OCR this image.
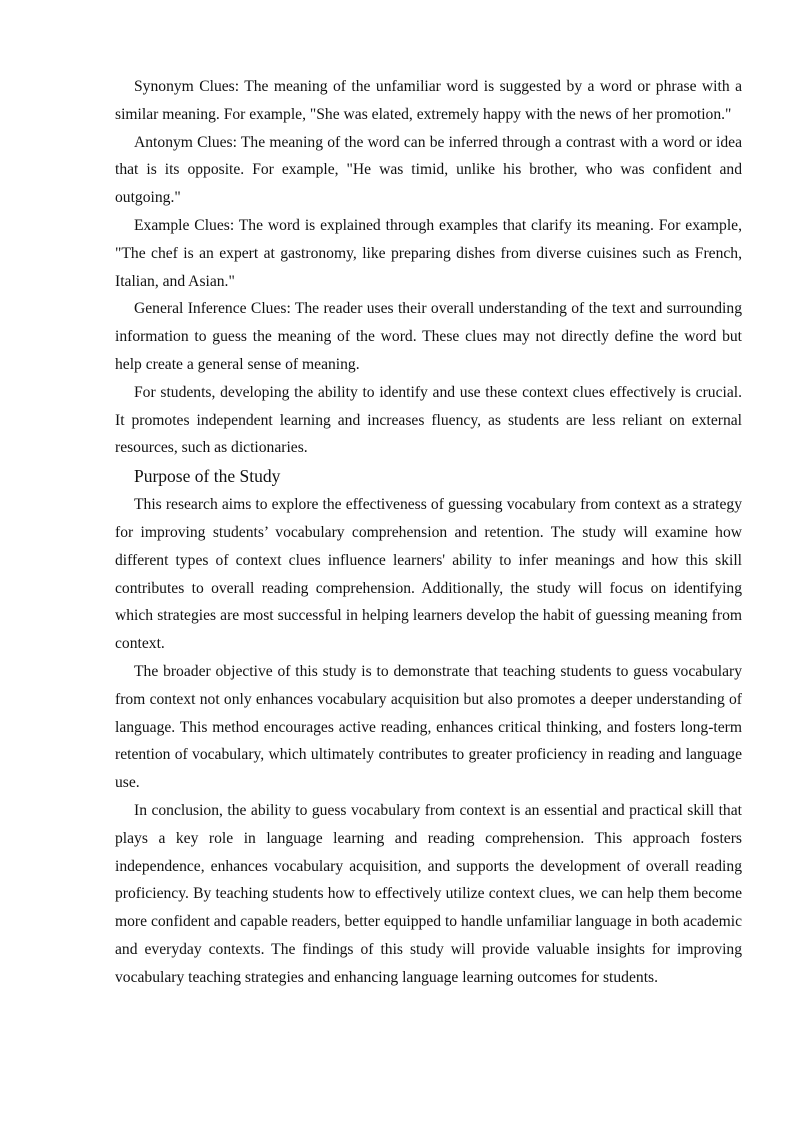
Synonym Clues: The meaning of the unfamiliar word is suggested by a word or phrase with a similar meaning. For example, "She was elated, extremely happy with the news of her promotion."

Antonym Clues: The meaning of the word can be inferred through a contrast with a word or idea that is its opposite. For example, "He was timid, unlike his brother, who was confident and outgoing."

Example Clues: The word is explained through examples that clarify its meaning. For example, "The chef is an expert at gastronomy, like preparing dishes from diverse cuisines such as French, Italian, and Asian."

General Inference Clues: The reader uses their overall understanding of the text and surrounding information to guess the meaning of the word. These clues may not directly define the word but help create a general sense of meaning.

For students, developing the ability to identify and use these context clues effectively is crucial. It promotes independent learning and increases fluency, as students are less reliant on external resources, such as dictionaries.

Purpose of the Study

This research aims to explore the effectiveness of guessing vocabulary from context as a strategy for improving students’ vocabulary comprehension and retention. The study will examine how different types of context clues influence learners' ability to infer meanings and how this skill contributes to overall reading comprehension. Additionally, the study will focus on identifying which strategies are most successful in helping learners develop the habit of guessing meaning from context.

The broader objective of this study is to demonstrate that teaching students to guess vocabulary from context not only enhances vocabulary acquisition but also promotes a deeper understanding of language. This method encourages active reading, enhances critical thinking, and fosters long-term retention of vocabulary, which ultimately contributes to greater proficiency in reading and language use.

In conclusion, the ability to guess vocabulary from context is an essential and practical skill that plays a key role in language learning and reading comprehension. This approach fosters independence, enhances vocabulary acquisition, and supports the development of overall reading proficiency. By teaching students how to effectively utilize context clues, we can help them become more confident and capable readers, better equipped to handle unfamiliar language in both academic and everyday contexts. The findings of this study will provide valuable insights for improving vocabulary teaching strategies and enhancing language learning outcomes for students.
